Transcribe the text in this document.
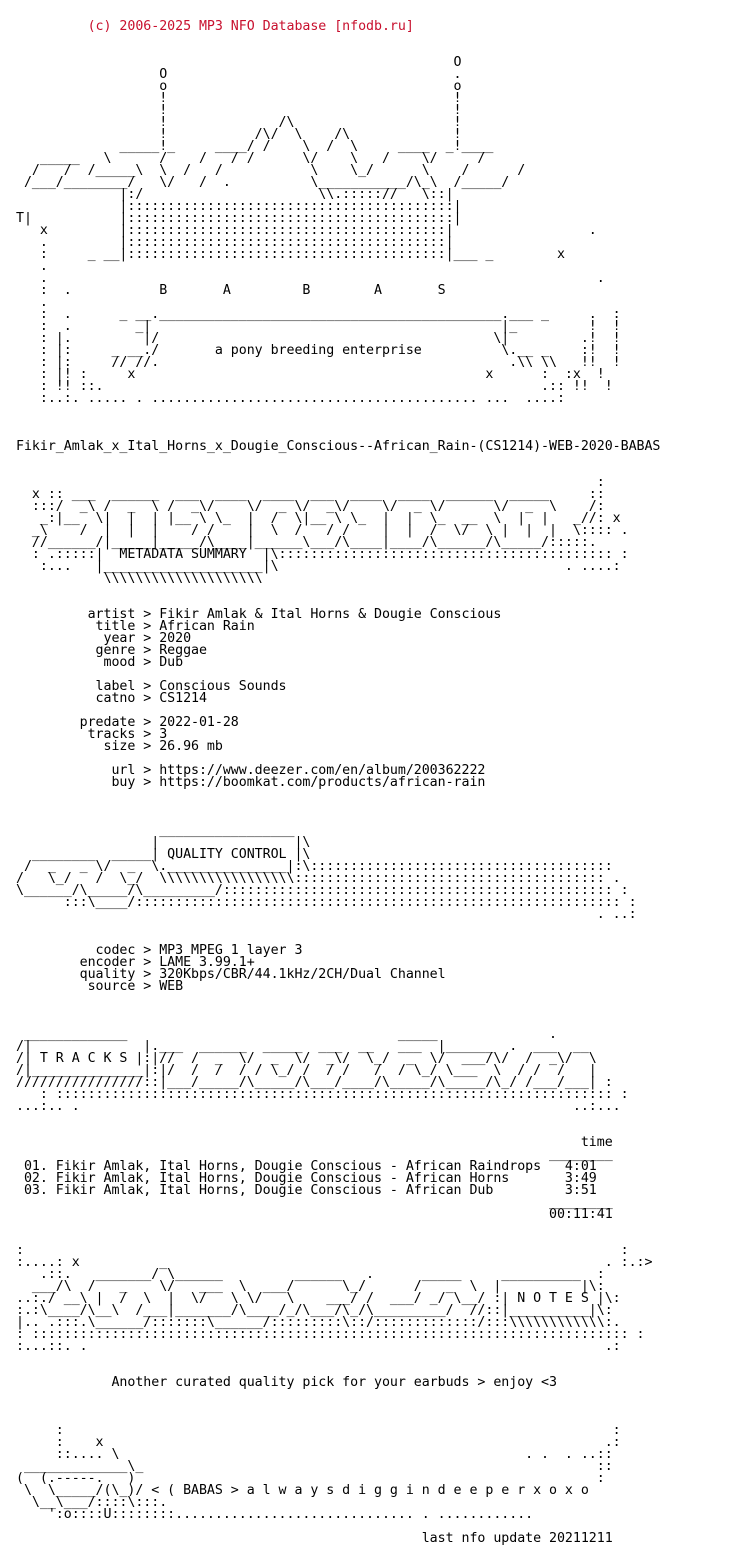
(c) 2006-2025 MP3 NFO Database [nfodb.ru]

O
O                                    .
o                                    o
!                                    !
!                                    !
!              /\                    !
!           /\/  \    /\             !
_____!_     ____/ /    \  /  \     ____  _!____
_____   \      /    /   / /      \/    \   /    \/     /
/   /  /_____\  \  /   /           \    \_/      \    /      /
/___/________/   \/   /  .          \___________/\_\  /_____/
|:/                      \\.::::://   \::|
|:::::::::::::::::::::::::::::::::::::::::|
T|           |:::::::::::::::::::::::::::::::::::::::::|
x         |::::::::::::::::::::::::::::::::::::::::|                 .
.         |::::::::::::::::::::::::::::::::::::::::|
:     _ __|::::::::::::::::::::::::::::::::::::::::|___ _        x
.
.                                                                     .
:  .           B       A         B        A       S
.
:  .      _ __.___________________________________________.___ _     .  :
:  .        _|                                            |_         !  !
: |.         |/                                          \|         .!  !
: |:     _ __./       a pony breeding enterprise          \.__ _    :!  !
: |:     // //.                                            .\\ \\   !!  !
: |! :     x                                            x      :  :x  !
: !! ::.                                                       .:: !!  !
:..:. ..... . ......................................... ...  ....:
Fikir_Amlak_x_Ital_Horns_x_Dougie_Conscious--African_Rain-(CS1214)-WEB-2020-BABAS
:
x :: ___  ______  ___  ____  ____  ___  ____  ____  ______  _____     ::
:::/  _\ /  _  \ /  _\/    \/  _ \/  _\/    \/  _ \/      \/  _  \    /:
_:|__  \|  |  | |__ \ \_  |  /  \|__ \ \_  |  |  \_  __  \  |  |   _//: x
_\    /  |  |  |    / /    |  \  /   / /    |  |  /  \/  \ |  |  |  \:::: .
//______/|_____|_____/\____|______\___/\____|____/\______/\_____/:::::.
: .:::::|  METADATA SUMMARY  |\:::::::::::::::::::::::::::::::::::::::::: :
:...   |____________________|\                                    . ....:
\\\\\\\\\\\\\\\\\\\\
artist > Fikir Amlak & Ital Horns & Dougie Conscious
title > African Rain
year > 2020
genre > Reggae
mood > Dub
label > Conscious Sounds
catno > CS1214
predate > 2022-01-28
tracks > 3
size > 26.96 mb
url > https://www.deezer.com/en/album/200362222
buy > https://boomkat.com/products/african-rain
_________________
|                 |\
________  _____| QUALITY CONTROL |\
/  _   _ \/  _  \._______________|:\::::::::::::::::::::::::::::::::::::::
/   \_/   /  \_/  \\\\\\\\\\\\\\\\\::::::::::::::::::::::::::::::::::::::: .
\______/\_____/\_________/::::::::::::::::::::::::::::::::::::::::::::::::: :
:::\____/::::::::::::::::::::::::::::::::::::::::::::::::::::::::::::: :
. ..:
codec > MP3 MPEG 1 layer 3
encoder > LAME 3.99.1+
quality > 320Kbps/CBR/44.1kHz/2CH/Dual Channel
source > WEB
_____________                                  _____              .
/|              |.___  ______  _____  ___  __   ___  |______  .  ___  __
/| T R A C K S |:|//  /  _  \/  _  \/  _\/  \_/  _  \/  ___/\/  /  _\/  \
/|______________|:|/  /  /  / / \_/ /  / /   /  / \_/ \___  \  / /  /   |
////////////////::|___/_____/\_____/\___/____/\_____/\_____/\_/ /___/___| :
: :::::::::::::::::::::::::::::::::::::::::::::::::::::::::::::::::::::: :
...:.. .                                                              ..:...
time
________
01. Fikir Amlak, Ital Horns, Dougie Conscious - African Raindrops   4:01
02. Fikir Amlak, Ital Horns, Dougie Conscious - African Horns       3:49
03. Fikir Amlak, Ital Horns, Dougie Conscious - African Dub         3:51
________
00:11:41
:                                                                           :
:....: x          _                                                       . :.:>
.::.   _______/ \______         ______   .      _____     __________  :
___/\  /   _    \/   ___  \  ___/      \_/      /   _  \  |          |\:
..:./ __\ |  /  \  |  \/   \ \/   \    ___/ /  ___/ _/ \__/ :| N O T E S |\:
:.:\____/\__\  /___|_______/\____/_/\___/\_/\_________/  //::|__________|\:
|.. .:::.\______/:::::::\______/:::::::::\::/:::::::::::::/:::\\\\\\\\\\\\:.
: ::::::::::::::::::::::::::::::::::::::::::::::::::::::::::::::::::::::::::: :
:...::. .                                                                 .:
Another curated quality pick for your earbuds > enjoy <3
:                                                                     :
:    x                                                               .:
::.... \                                                   . .  . ..::
_____________\_                                                         ::
(  (.-----.   )                                                          :
\  \_____/(\_)/ < ( BABAS > a l w a y s d i g g i n d e e p e r x o x o
\__\___/::::\:::.
':o::::U::::::::.............................. . ............
last nfo update 20211211
